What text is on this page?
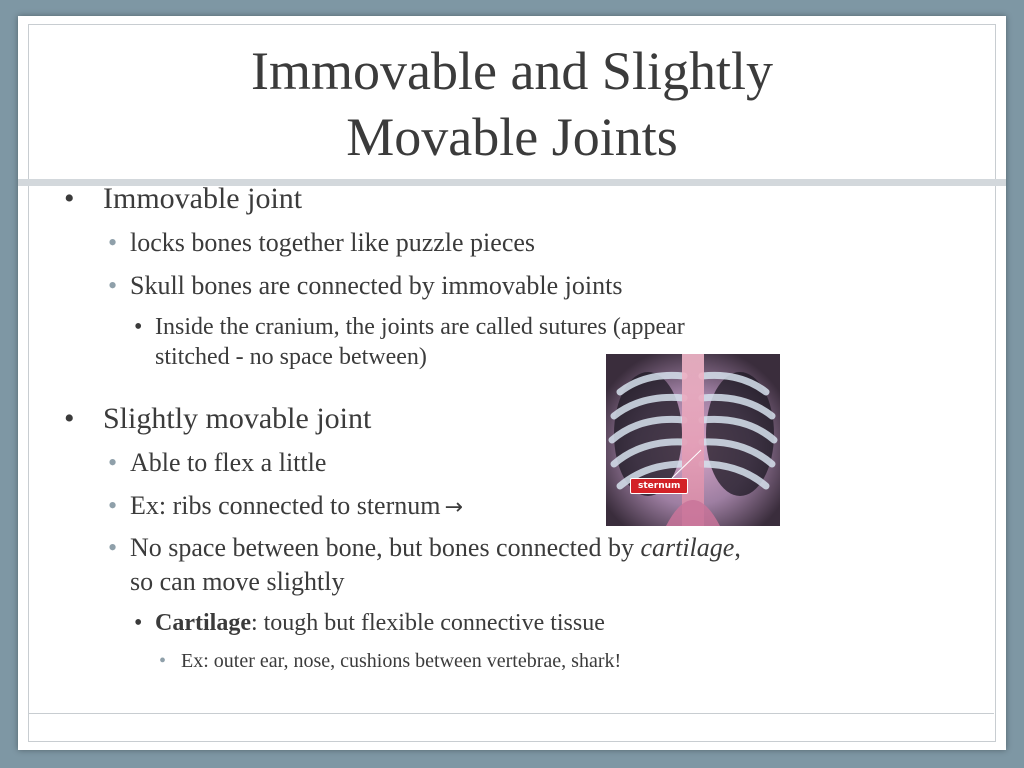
Immovable and Slightly
Movable Joints
• Immovable joint
• locks bones together like puzzle pieces
• Skull bones are connected by immovable joints
• Inside the cranium, the joints are called sutures (appear
stitched - no space between)
• Slightly movable joint
• Able to flex a little
• Ex: ribs connected to sternum →
• No space between bone, but bones connected by cartilage,
so can move slightly
• Cartilage: tough but flexible connective tissue
• Ex: outer ear, nose, cushions between vertebrae, shark!
sternum
